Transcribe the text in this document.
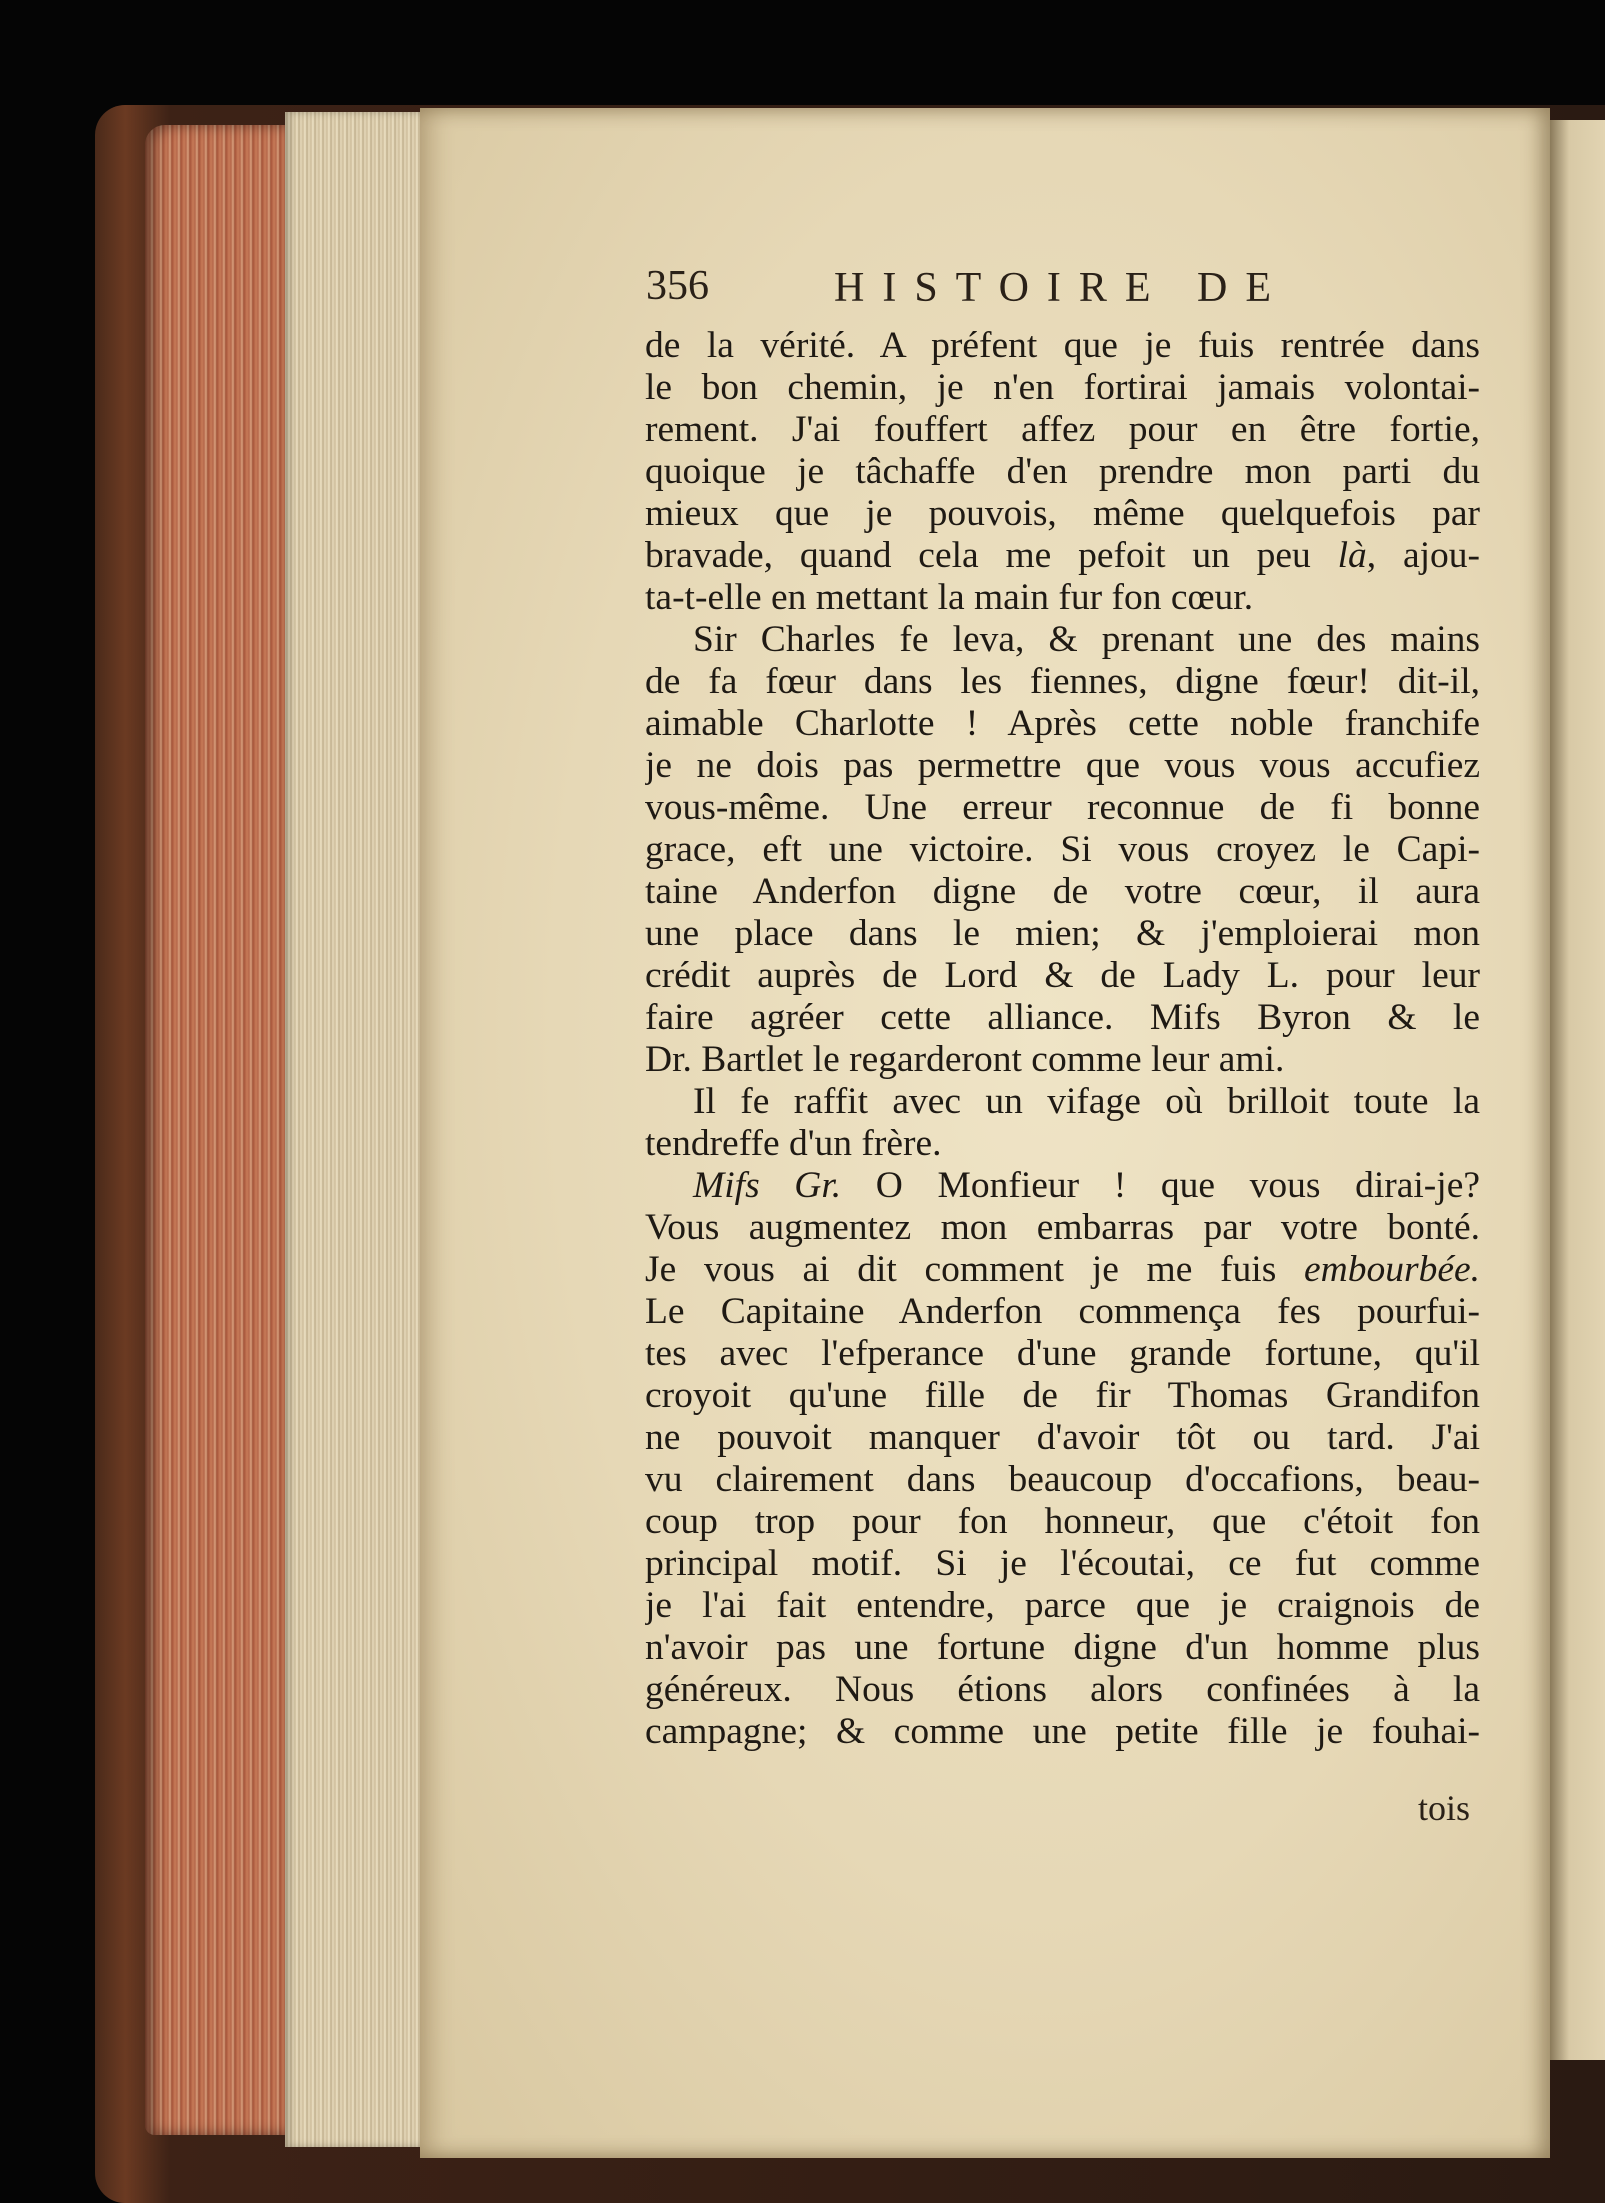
356	HISTOIRE DE
de la vérité. A préfent que je fuis rentrée dans
le bon chemin, je n'en fortirai jamais volontai-
rement. J'ai fouffert affez pour en être fortie,
quoique je tâchaffe d'en prendre mon parti du
mieux que je pouvois, même quelquefois par
bravade, quand cela me pefoit un peu là, ajou-
ta-t-elle en mettant la main fur fon cœur.
Sir Charles fe leva, & prenant une des mains
de fa fœur dans les fiennes, digne fœur! dit-il,
aimable Charlotte ! Après cette noble franchife
je ne dois pas permettre que vous vous accufiez
vous-même. Une erreur reconnue de fi bonne
grace, eft une victoire. Si vous croyez le Capi-
taine Anderfon digne de votre cœur, il aura
une place dans le mien; & j'emploierai mon
crédit auprès de Lord & de Lady L. pour leur
faire agréer cette alliance. Mifs Byron & le
Dr. Bartlet le regarderont comme leur ami.
Il fe raffit avec un vifage où brilloit toute la
tendreffe d'un frère.
Mifs Gr. O Monfieur ! que vous dirai-je?
Vous augmentez mon embarras par votre bonté.
Je vous ai dit comment je me fuis embourbée.
Le Capitaine Anderfon commença fes pourfui-
tes avec l'efperance d'une grande fortune, qu'il
croyoit qu'une fille de fir Thomas Grandifon
ne pouvoit manquer d'avoir tôt ou tard. J'ai
vu clairement dans beaucoup d'occafions, beau-
coup trop pour fon honneur, que c'étoit fon
principal motif. Si je l'écoutai, ce fut comme
je l'ai fait entendre, parce que je craignois de
n'avoir pas une fortune digne d'un homme plus
généreux. Nous étions alors confinées à la
campagne; & comme une petite fille je fouhai-
tois
